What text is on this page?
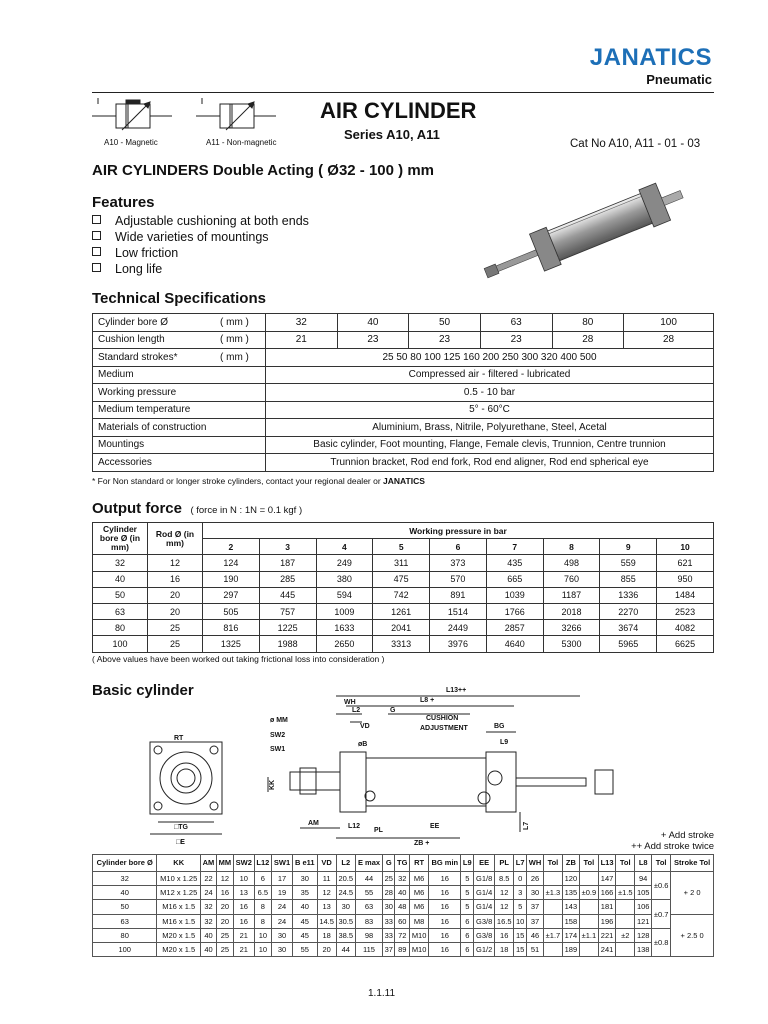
JANATICS
Pneumatic
A10 - Magnetic	A11 - Non-magnetic
AIR CYLINDER
Series A10, A11
Cat No A10, A11 - 01 - 03
AIR CYLINDERS Double Acting ( Ø32 - 100 ) mm
Features
Adjustable cushioning at both ends
Wide varieties of mountings
Low friction
Long life
Technical Specifications
Cylinder bore Ø	( mm )	32	40	50	63	80	100
Cushion length	( mm )	21	23	23	23	28	28
Standard strokes*	( mm )	25 50 80 100 125 160 200 250 300 320 400 500					
Medium		Compressed air - filtered - lubricated					
Working pressure		0.5 - 10 bar					
Medium temperature		5° - 60°C					
Materials of construction		Aluminium, Brass, Nitrile, Polyurethane, Steel, Acetal					
Mountings		Basic cylinder, Foot mounting, Flange, Female clevis, Trunnion, Centre trunnion					
Accessories		Trunnion bracket, Rod end fork, Rod end aligner, Rod end spherical eye					
* For Non standard or longer stroke cylinders, contact your regional dealer or JANATICS
Output force ( force in N : 1N = 0.1 kgf )
Cylinder bore Ø (in mm)	Rod Ø (in mm)	Working pressure in bar								
		2	3	4	5	6	7	8	9	10
32	12	124	187	249	311	373	435	498	559	621
40	16	190	285	380	475	570	665	760	855	950
50	20	297	445	594	742	891	1039	1187	1336	1484
63	20	505	757	1009	1261	1514	1766	2018	2270	2523
80	25	816	1225	1633	2041	2449	2857	3266	3674	4082
100	25	1325	1988	2650	3313	3976	4640	5300	5965	6625
( Above values have been worked out taking frictional loss into consideration )
Basic cylinder
RT
□TG
□E
ø MM
SW2
SW1
WH
L2	G
VD
øB
CUSHION
ADJUSTMENT	BG
L9
L8 +
L13++
KK
AM	L12
PL
EE
ZB +
L7
+ Add stroke
++ Add stroke twice
Cylinder bore Ø	KK	AM	MM	SW2	L12	SW1	B e11	VD	L2	E max	G	TG	RT	BG min	L9	EE	PL	L7	WH	Tol	ZB	Tol	L13	Tol	L8	Tol	Stroke Tol
32	M10 x 1.25	22	12	10	6	17	30	11	20.5	44	25	32	M6	16	5	G1/8	8.5	0	26		120		147		94	±0.6	+ 2 0
40	M12 x 1.25	24	16	13	6.5	19	35	12	24.5	55	28	40	M6	16	5	G1/4	12	3	30	±1.3	135	±0.9	166	±1.5	105		
50	M16 x 1.5	32	20	16	8	24	40	13	30	63	30	48	M6	16	5	G1/4	12	5	37		143		181		106	±0.7	
63	M16 x 1.5	32	20	16	8	24	45	14.5	30.5	83	33	60	M8	16	6	G3/8	16.5	10	37		158		196		121		+ 2.5 0
80	M20 x 1.5	40	25	21	10	30	45	18	38.5	98	33	72	M10	16	6	G3/8	16	15	46	±1.7	174	±1.1	221	±2	128	±0.8	
100	M20 x 1.5	40	25	21	10	30	55	20	44	115	37	89	M10	16	6	G1/2	18	15	51		189		241		138		
1.1.11
